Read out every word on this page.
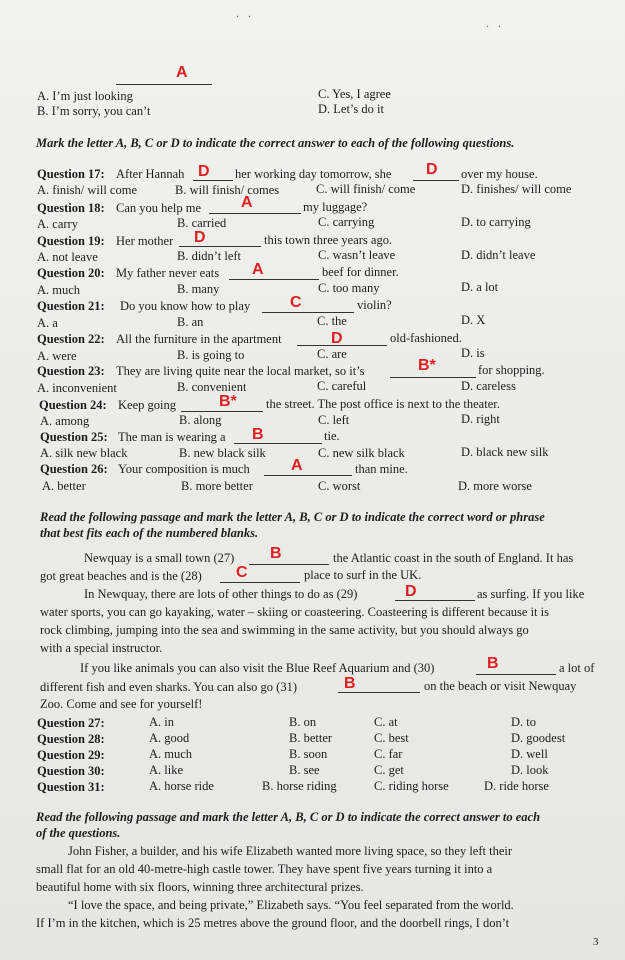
. .
. .
A
A. I’m just looking
B. I’m sorry, you can’t
C. Yes, I agree
D. Let’s do it
Mark the letter A, B, C or D to indicate the correct answer to each of the following questions.
Question 17: After Hannah D her working day tomorrow, she D over my house.
A. finish/ will come	B. will finish/ comes	C. will finish/ come	D. finishes/ will come
Question 18: Can you help me A	my luggage?
A. carry	B. carried	C. carrying	D. to carrying
Question 19: Her mother D	this town three years ago.
A. not leave	B. didn’t left	C. wasn’t leave	D. didn’t leave
Question 20: My father never eats A	beef for dinner.
A. much	B. many	C. too many	D. a lot
Question 21: Do you know how to play C	violin?
A. a	B. an	C. the	D. X
Question 22: All the furniture in the apartment	D	old-fashioned.
A. were	B. is going to	C. are	D. is
Question 23: They are living quite near the local market, so it’s	B*	for shopping.
A. inconvenient	B. convenient	C. careful	D. careless
Question 24: Keep going	B* the street. The post office is next to the theater.
A. among	B. along	C. left	D. right
Question 25: The man is wearing a B	tie.
A. silk new black	B. new black silk	C. new silk black	D. black new silk
Question 26: Your composition is much	A	than mine.
A. better	B. more better	C. worst	D. more worse
Read the following passage and mark the letter A, B, C or D to indicate the correct word or phrase
that best fits each of the numbered blanks.
Newquay is a small town (27) B	the Atlantic coast in the south of England. It has
got great beaches and is the (28) C	place to surf in the UK.
In Newquay, there are lots of other things to do as (29)	D	as surfing. If you like
water sports, you can go kayaking, water – skiing or coasteering. Coasteering is different because it is
rock climbing, jumping into the sea and swimming in the same activity, but you should always go
with a special instructor.
If you like animals you can also visit the Blue Reef Aquarium and (30)	B	a lot of
different fish and even sharks. You can also go (31)	B	on the beach or visit Newquay
Zoo. Come and see for yourself!
Question 27:	A. in	B. on	C. at	D. to
Question 28:	A. good	B. better	C. best	D. goodest
Question 29:	A. much	B. soon	C. far	D. well
Question 30:	A. like	B. see	C. get	D. look
Question 31:	A. horse ride	B. horse riding	C. riding horse	D. ride horse
Read the following passage and mark the letter A, B, C or D to indicate the correct answer to each
of the questions.
John Fisher, a builder, and his wife Elizabeth wanted more living space, so they left their
small flat for an old 40-metre-high castle tower. They have spent five years turning it into a
beautiful home with six floors, winning three architectural prizes.
“I love the space, and being private,” Elizabeth says. “You feel separated from the world.
If I’m in the kitchen, which is 25 metres above the ground floor, and the doorbell rings, I don’t
3
